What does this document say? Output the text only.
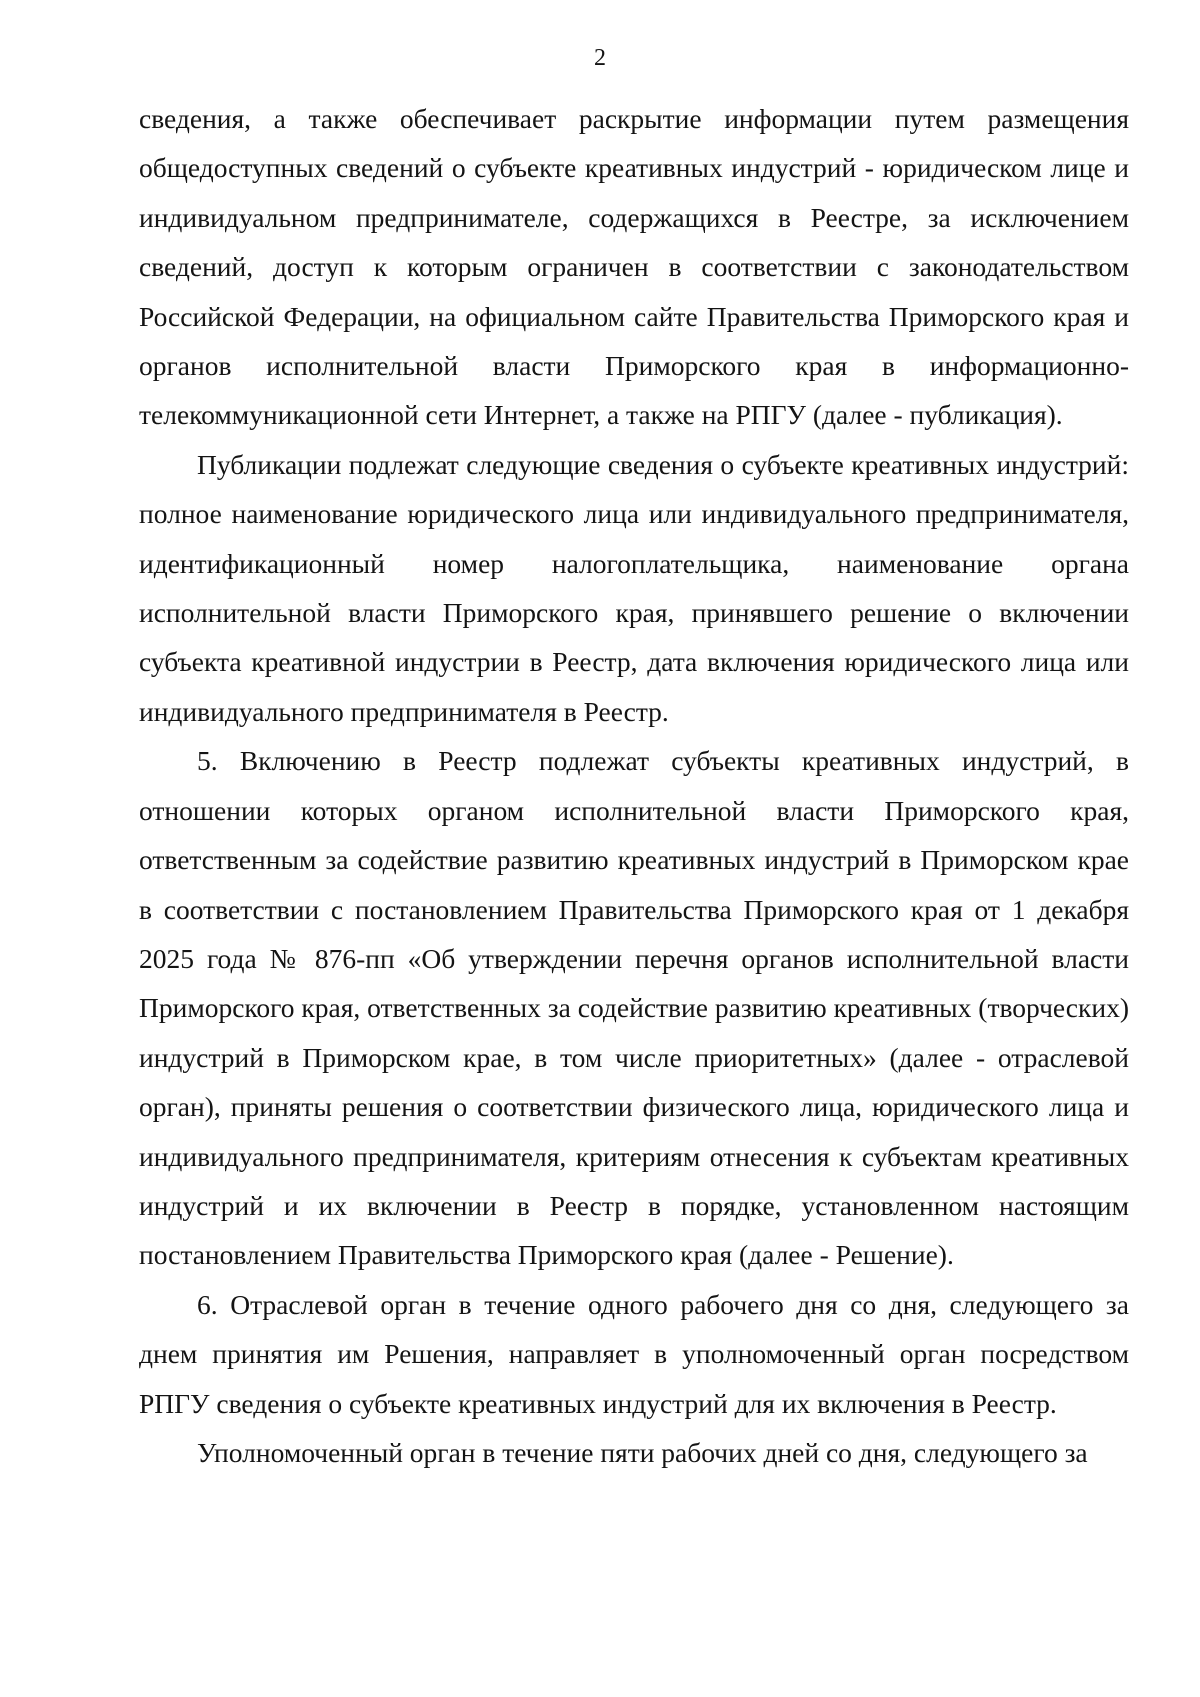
2

сведения, а также обеспечивает раскрытие информации путем размещения общедоступных сведений о субъекте креативных индустрий - юридическом лице и индивидуальном предпринимателе, содержащихся в Реестре, за исключением сведений, доступ к которым ограничен в соответствии с законодательством Российской Федерации, на официальном сайте Правительства Приморского края и органов исполнительной власти Приморского края в информационно-телекоммуникационной сети Интернет, а также на РПГУ (далее - публикация).

Публикации подлежат следующие сведения о субъекте креативных индустрий: полное наименование юридического лица или индивидуального предпринимателя, идентификационный номер налогоплательщика, наименование органа исполнительной власти Приморского края, принявшего решение о включении субъекта креативной индустрии в Реестр, дата включения юридического лица или индивидуального предпринимателя в Реестр.

5. Включению в Реестр подлежат субъекты креативных индустрий, в отношении которых органом исполнительной власти Приморского края, ответственным за содействие развитию креативных индустрий в Приморском крае в соответствии с постановлением Правительства Приморского края от 1 декабря 2025 года № 876-пп «Об утверждении перечня органов исполнительной власти Приморского края, ответственных за содействие развитию креативных (творческих) индустрий в Приморском крае, в том числе приоритетных» (далее - отраслевой орган), приняты решения о соответствии физического лица, юридического лица и индивидуального предпринимателя, критериям отнесения к субъектам креативных индустрий и их включении в Реестр в порядке, установленном настоящим постановлением Правительства Приморского края (далее - Решение).

6. Отраслевой орган в течение одного рабочего дня со дня, следующего за днем принятия им Решения, направляет в уполномоченный орган посредством РПГУ сведения о субъекте креативных индустрий для их включения в Реестр.

Уполномоченный орган в течение пяти рабочих дней со дня, следующего за
